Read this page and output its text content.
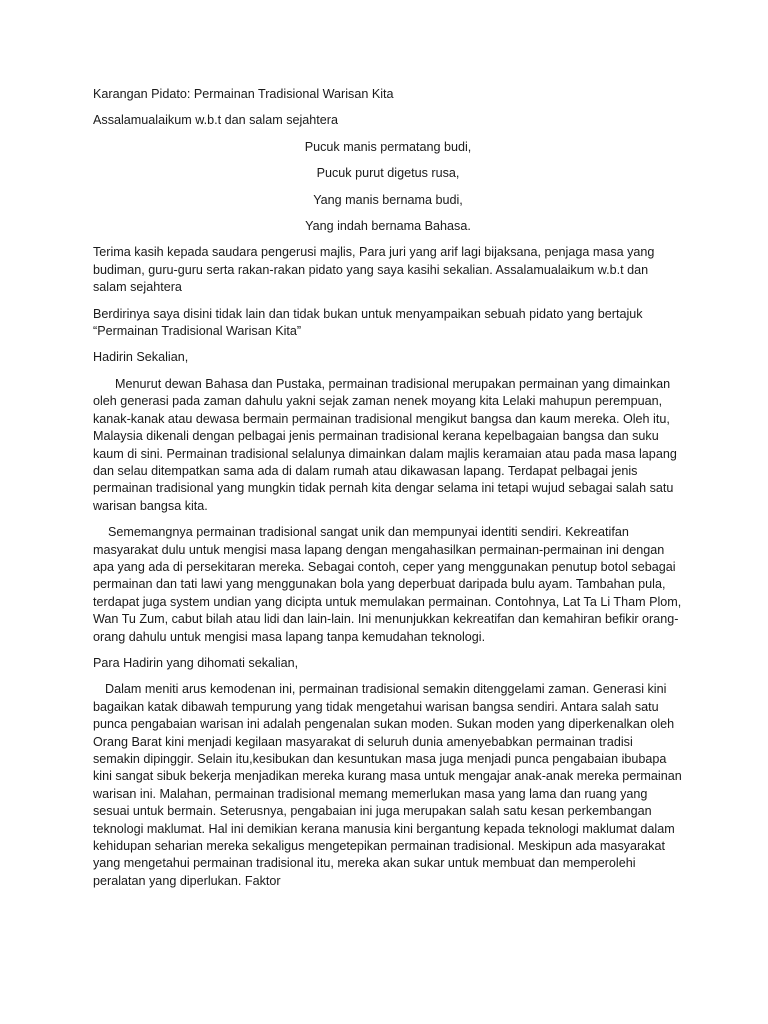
Karangan Pidato: Permainan Tradisional Warisan Kita

Assalamualaikum w.b.t dan salam sejahtera

Pucuk manis permatang budi,

Pucuk purut digetus rusa,

Yang manis bernama budi,

Yang indah bernama Bahasa.

Terima kasih kepada saudara pengerusi majlis, Para juri yang arif lagi bijaksana, penjaga masa yang budiman, guru-guru serta rakan-rakan pidato yang saya kasihi sekalian. Assalamualaikum w.b.t dan salam sejahtera

Berdirinya saya disini tidak lain dan tidak bukan untuk menyampaikan sebuah pidato yang bertajuk “Permainan Tradisional Warisan Kita”

Hadirin Sekalian,

Menurut dewan Bahasa dan Pustaka, permainan tradisional merupakan permainan yang dimainkan oleh generasi pada zaman dahulu yakni sejak zaman nenek moyang kita Lelaki mahupun perempuan, kanak-kanak atau dewasa bermain permainan tradisional mengikut bangsa dan kaum mereka. Oleh itu, Malaysia dikenali dengan pelbagai jenis permainan tradisional kerana kepelbagaian bangsa dan suku kaum di sini. Permainan tradisional selalunya dimainkan dalam majlis keramaian atau pada masa lapang dan selau ditempatkan sama ada di dalam rumah atau dikawasan lapang. Terdapat pelbagai jenis permainan tradisional yang mungkin tidak pernah kita dengar selama ini tetapi wujud sebagai salah satu warisan bangsa kita.

Sememangnya permainan tradisional sangat unik dan mempunyai identiti sendiri. Kekreatifan masyarakat dulu untuk mengisi masa lapang dengan mengahasilkan permainan-permainan ini dengan apa yang ada di persekitaran mereka. Sebagai contoh, ceper yang menggunakan penutup botol sebagai permainan dan tati lawi yang menggunakan bola yang deperbuat daripada bulu ayam. Tambahan pula, terdapat juga system undian yang dicipta untuk memulakan permainan. Contohnya, Lat Ta Li Tham Plom, Wan Tu Zum, cabut bilah atau lidi dan lain-lain. Ini menunjukkan kekreatifan dan kemahiran befikir orang- orang dahulu untuk mengisi masa lapang tanpa kemudahan teknologi.

Para Hadirin yang dihomati sekalian,

Dalam meniti arus kemodenan ini, permainan tradisional semakin ditenggelami zaman. Generasi kini bagaikan katak dibawah tempurung yang tidak mengetahui warisan bangsa sendiri. Antara salah satu punca pengabaian warisan ini adalah pengenalan sukan moden. Sukan moden yang diperkenalkan oleh Orang Barat kini menjadi kegilaan masyarakat di seluruh dunia amenyebabkan permainan tradisi semakin dipinggir. Selain itu,kesibukan dan kesuntukan masa juga menjadi punca pengabaian ibubapa kini sangat sibuk bekerja menjadikan mereka kurang masa untuk mengajar anak-anak mereka permainan warisan ini. Malahan, permainan tradisional memang memerlukan masa yang lama dan ruang yang sesuai untuk bermain. Seterusnya, pengabaian ini juga merupakan salah satu kesan perkembangan teknologi maklumat. Hal ini demikian kerana manusia kini bergantung kepada teknologi maklumat dalam kehidupan seharian mereka sekaligus mengetepikan permainan tradisional. Meskipun ada masyarakat yang mengetahui permainan tradisional itu, mereka akan sukar untuk membuat dan memperolehi peralatan yang diperlukan. Faktor
